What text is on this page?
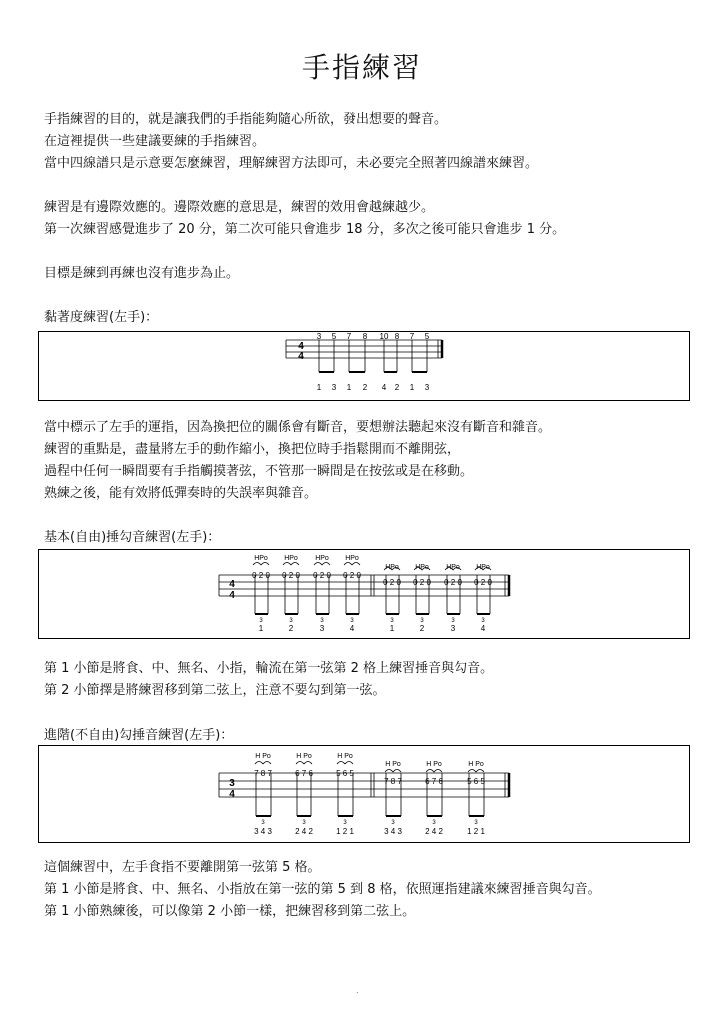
手指練習
手指練習的目的，就是讓我們的手指能夠隨心所欲，發出想要的聲音。
在這裡提供一些建議要練的手指練習。
當中四線譜只是示意要怎麼練習，理解練習方法即可，未必要完全照著四線譜來練習。
練習是有邊際效應的。邊際效應的意思是，練習的效用會越練越少。
第一次練習感覺進步了 20 分，第二次可能只會進步 18 分，多次之後可能只會進步 1 分。
目標是練到再練也沒有進步為止。
黏著度練習(左手)：
4
4
3 5 7 8 10 8 7 5
1 3 1 2 4 2 1 3
當中標示了左手的運指，因為換把位的關係會有斷音，要想辦法聽起來沒有斷音和雜音。
練習的重點是，盡量將左手的動作縮小，換把位時手指鬆開而不離開弦，
過程中任何一瞬間要有手指觸摸著弦，不管那一瞬間是在按弦或是在移動。
熟練之後，能有效將低彈奏時的失誤率與雜音。
基本(自由)捶勾音練習(左手)：
4
4
HPo HPo HPo HPo
HPo HPo HPo HPo
0 2 0 0 2 0 0 2 0 0 2 0
0 2 0 0 2 0 0 2 0 0 2 0
3	3	3	3	3	3	3	3
1	2	3	4	1	2	3	4
第 1 小節是將食、中、無名、小指，輪流在第一弦第 2 格上練習捶音與勾音。
第 2 小節擇是將練習移到第二弦上，注意不要勾到第一弦。
進階(不自由)勾捶音練習(左手)：
3
4
H Po	H Po	H Po
H Po	H Po	H Po
7 8 7	6 7 6	5 6 5
7 8 7	6 7 6	5 6 5
3	3	3	3	3	3
3 4 3	2 4 2	1 2 1	3 4 3	2 4 2	1 2 1
這個練習中，左手食指不要離開第一弦第 5 格。
第 1 小節是將食、中、無名、小指放在第一弦的第 5 到 8 格，依照運指建議來練習捶音與勾音。
第 1 小節熟練後，可以像第 2 小節一樣，把練習移到第二弦上。
.
